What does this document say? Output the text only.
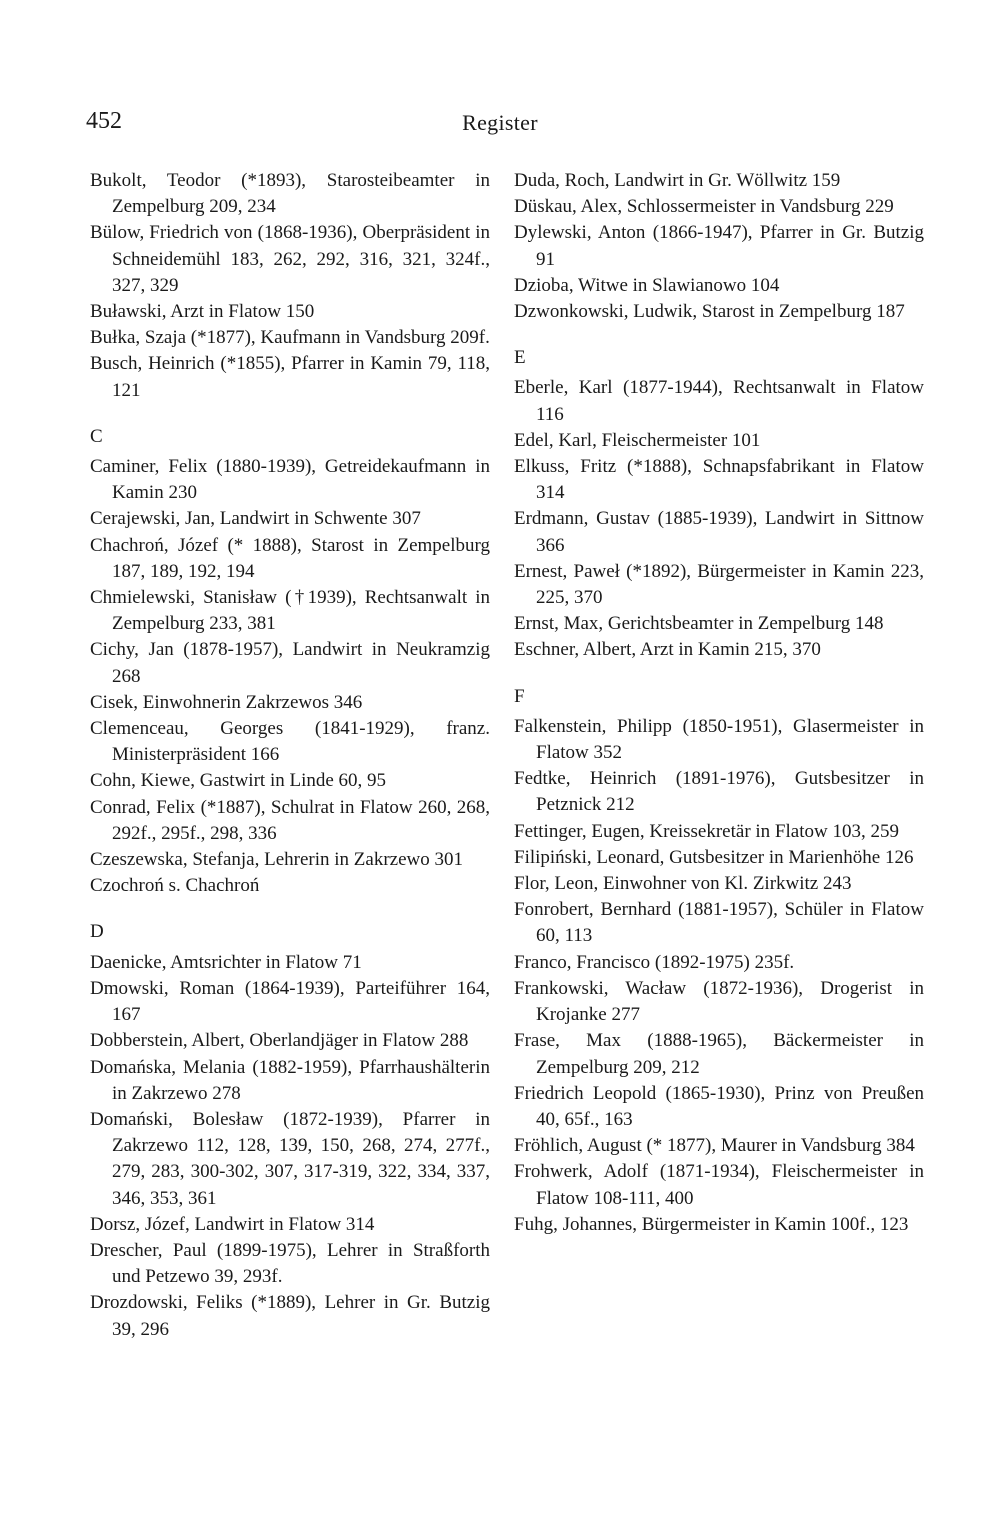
452	Register
Bukolt, Teodor (*1893), Starosteibeamter in Zempelburg 209, 234
Bülow, Friedrich von (1868-1936), Oberpräsident in Schneidemühl 183, 262, 292, 316, 321, 324f., 327, 329
Buławski, Arzt in Flatow 150
Bułka, Szaja (*1877), Kaufmann in Vandsburg 209f.
Busch, Heinrich (*1855), Pfarrer in Kamin 79, 118, 121
C
Caminer, Felix (1880-1939), Getreidekaufmann in Kamin 230
Cerajewski, Jan, Landwirt in Schwente 307
Chachroń, Józef (* 1888), Starost in Zempelburg 187, 189, 192, 194
Chmielewski, Stanisław (†1939), Rechtsanwalt in Zempelburg 233, 381
Cichy, Jan (1878-1957), Landwirt in Neukramzig 268
Cisek, Einwohnerin Zakrzewos 346
Clemenceau, Georges (1841-1929), franz. Ministerpräsident 166
Cohn, Kiewe, Gastwirt in Linde 60, 95
Conrad, Felix (*1887), Schulrat in Flatow 260, 268, 292f., 295f., 298, 336
Czeszewska, Stefanja, Lehrerin in Zakrzewo 301
Czochroń s. Chachroń
D
Daenicke, Amtsrichter in Flatow 71
Dmowski, Roman (1864-1939), Parteiführer 164, 167
Dobberstein, Albert, Oberlandjäger in Flatow 288
Domańska, Melania (1882-1959), Pfarrhaushälterin in Zakrzewo 278
Domański, Bolesław (1872-1939), Pfarrer in Zakrzewo 112, 128, 139, 150, 268, 274, 277f., 279, 283, 300-302, 307, 317-319, 322, 334, 337, 346, 353, 361
Dorsz, Józef, Landwirt in Flatow 314
Drescher, Paul (1899-1975), Lehrer in Straßforth und Petzewo 39, 293f.
Drozdowski, Feliks (*1889), Lehrer in Gr. Butzig 39, 296
Duda, Roch, Landwirt in Gr. Wöllwitz 159
Düskau, Alex, Schlossermeister in Vandsburg 229
Dylewski, Anton (1866-1947), Pfarrer in Gr. Butzig 91
Dzioba, Witwe in Slawianowo 104
Dzwonkowski, Ludwik, Starost in Zempelburg 187
E
Eberle, Karl (1877-1944), Rechtsanwalt in Flatow 116
Edel, Karl, Fleischermeister 101
Elkuss, Fritz (*1888), Schnapsfabrikant in Flatow 314
Erdmann, Gustav (1885-1939), Landwirt in Sittnow 366
Ernest, Paweł (*1892), Bürgermeister in Kamin 223, 225, 370
Ernst, Max, Gerichtsbeamter in Zempelburg 148
Eschner, Albert, Arzt in Kamin 215, 370
F
Falkenstein, Philipp (1850-1951), Glasermeister in Flatow 352
Fedtke, Heinrich (1891-1976), Gutsbesitzer in Petznick 212
Fettinger, Eugen, Kreissekretär in Flatow 103, 259
Filipiński, Leonard, Gutsbesitzer in Marienhöhe 126
Flor, Leon, Einwohner von Kl. Zirkwitz 243
Fonrobert, Bernhard (1881-1957), Schüler in Flatow 60, 113
Franco, Francisco (1892-1975) 235f.
Frankowski, Wacław (1872-1936), Drogerist in Krojanke 277
Frase, Max (1888-1965), Bäckermeister in Zempelburg 209, 212
Friedrich Leopold (1865-1930), Prinz von Preußen 40, 65f., 163
Fröhlich, August (* 1877), Maurer in Vandsburg 384
Frohwerk, Adolf (1871-1934), Fleischermeister in Flatow 108-111, 400
Fuhg, Johannes, Bürgermeister in Kamin 100f., 123
